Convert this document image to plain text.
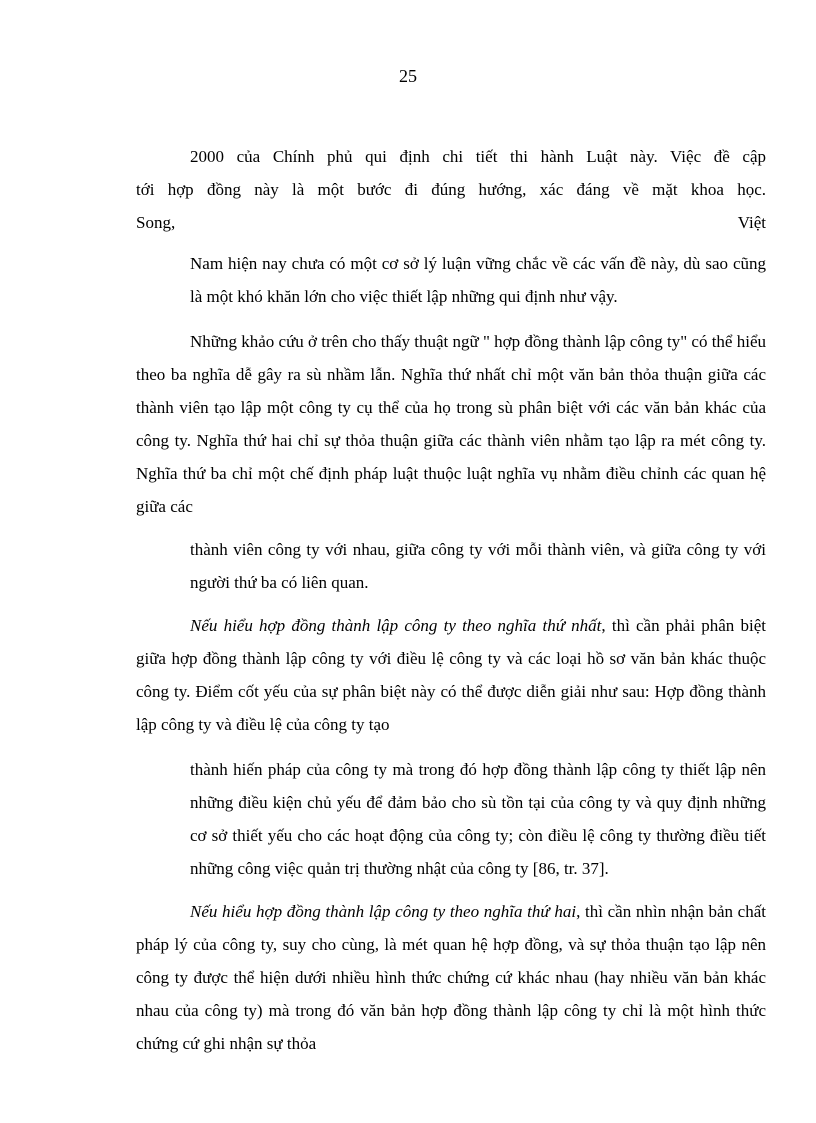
25
2000 của Chính phủ qui định chi tiết thi hành Luật này. Việc đề cập
tới hợp đồng này là một bước đi đúng hướng, xác đáng về mặt khoa học.
Song,	Việt

Nam hiện nay chưa có một cơ sở lý luận vững chắc về các vấn đề này, dù sao cũng là một khó khăn lớn cho việc thiết lập những qui định như vậy.

Những khảo cứu ở trên cho thấy thuật ngữ " hợp đồng thành lập công ty" có thể hiểu theo ba nghĩa dễ gây ra sù nhầm lẫn. Nghĩa thứ nhất chỉ một văn bản thỏa thuận giữa các thành viên tạo lập một công ty cụ thể của họ trong sù phân biệt với các văn bản khác của công ty. Nghĩa thứ hai chỉ sự thỏa thuận giữa các thành viên nhằm tạo lập ra mét công ty. Nghĩa thứ ba chỉ một chế định pháp luật thuộc luật nghĩa vụ nhằm điều chỉnh các quan hệ giữa các

thành viên công ty với nhau, giữa công ty với mỗi thành viên, và giữa công ty với người thứ ba có liên quan.

Nếu hiểu hợp đồng thành lập công ty theo nghĩa thứ nhất, thì cần phải phân biệt giữa hợp đồng thành lập công ty với điều lệ công ty và các loại hồ sơ văn bản khác thuộc công ty. Điểm cốt yếu của sự phân biệt này có thể được diễn giải như sau: Hợp đồng thành lập công ty và điều lệ của công ty tạo

thành hiến pháp của công ty mà trong đó hợp đồng thành lập công ty thiết lập nên những điều kiện chủ yếu để đảm bảo cho sù tồn tại của công ty và quy định những cơ sở thiết yếu cho các hoạt động của công ty; còn điều lệ công ty thường điều tiết những công việc quản trị thường nhật của công ty [86, tr. 37].

Nếu hiểu hợp đồng thành lập công ty theo nghĩa thứ hai, thì cần nhìn nhận bản chất pháp lý của công ty, suy cho cùng, là mét quan hệ hợp đồng, và sự thỏa thuận tạo lập nên công ty được thể hiện dưới nhiều hình thức chứng cứ khác nhau (hay nhiều văn bản khác nhau của công ty) mà trong đó văn bản hợp đồng thành lập công ty chỉ là một hình thức chứng cứ ghi nhận sự thỏa
